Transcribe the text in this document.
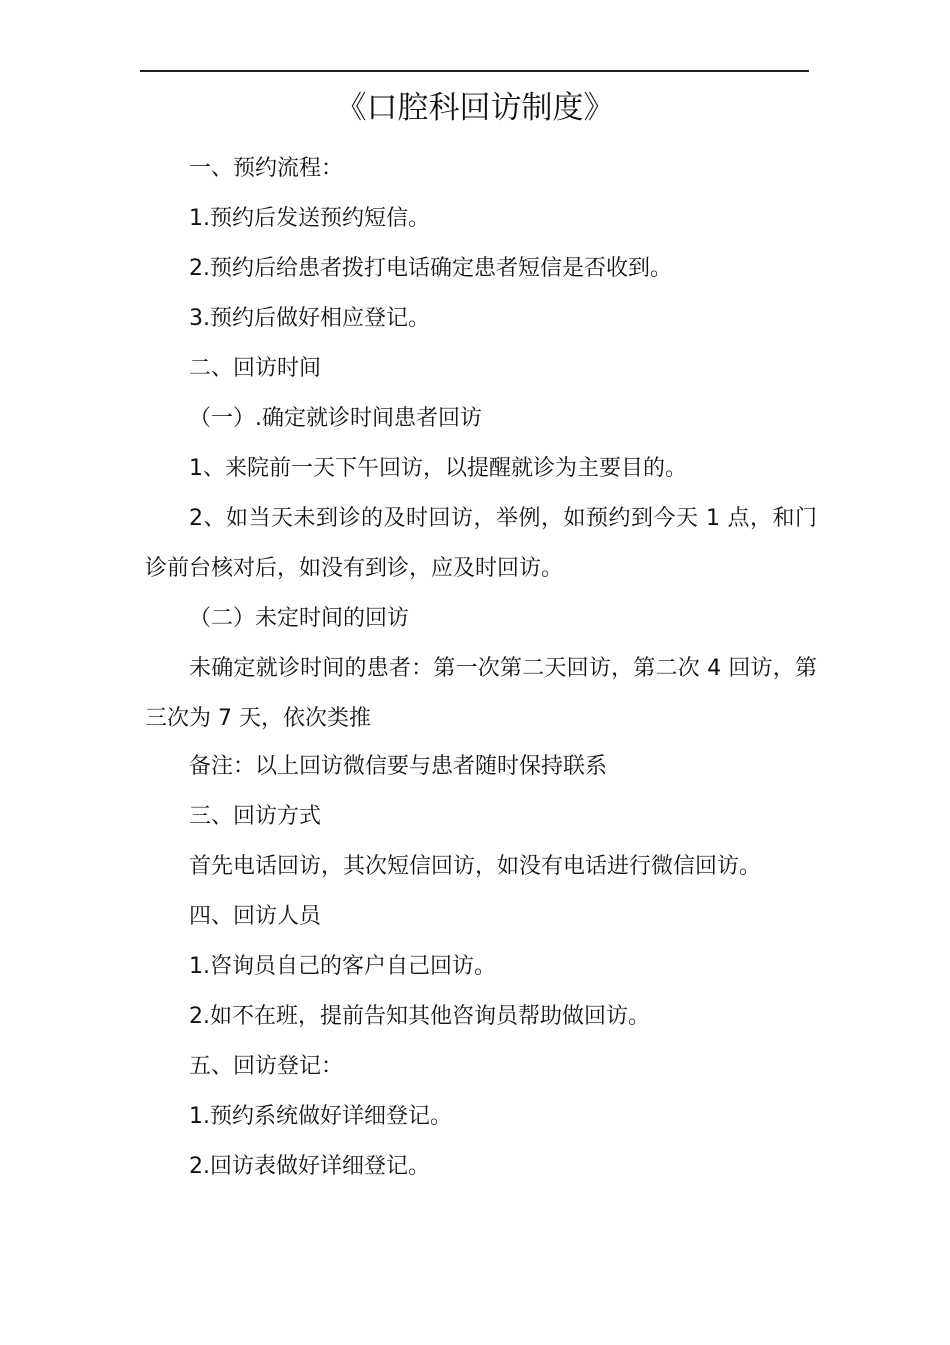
《口腔科回访制度》
一、预约流程：
1.预约后发送预约短信。
2.预约后给患者拨打电话确定患者短信是否收到。
3.预约后做好相应登记。
二、回访时间
（一）.确定就诊时间患者回访
1、来院前一天下午回访，以提醒就诊为主要目的。
2、如当天未到诊的及时回访，举例，如预约到今天 1 点，和门诊前台核对后，如没有到诊，应及时回访。
（二）未定时间的回访
未确定就诊时间的患者：第一次第二天回访，第二次 4 回访，第三次为 7 天，依次类推
备注：以上回访微信要与患者随时保持联系
三、回访方式
首先电话回访，其次短信回访，如没有电话进行微信回访。
四、回访人员
1.咨询员自己的客户自己回访。
2.如不在班，提前告知其他咨询员帮助做回访。
五、回访登记：
1.预约系统做好详细登记。
2.回访表做好详细登记。
